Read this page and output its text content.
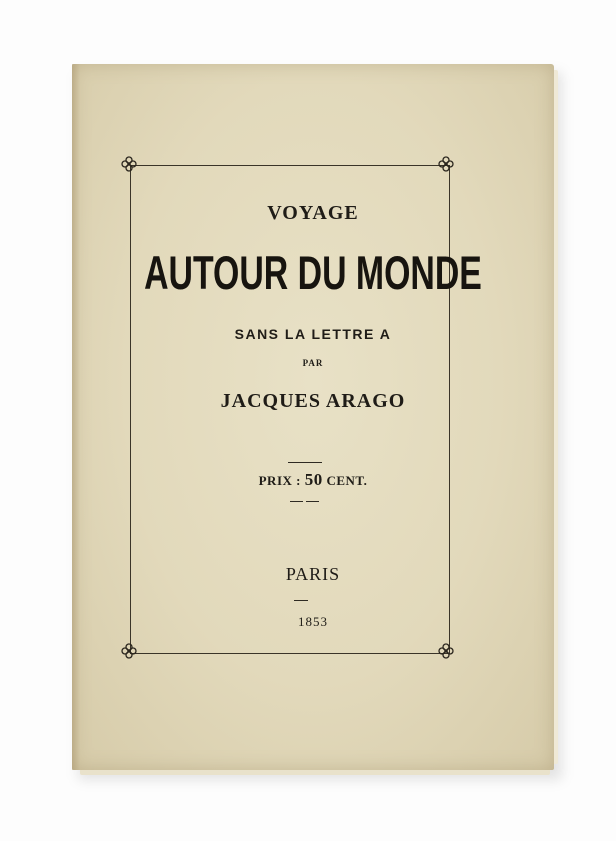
VOYAGE
AUTOUR DU MONDE
SANS LA LETTRE A
PAR
JACQUES ARAGO
PRIX : 50 CENT.
PARIS
1853
